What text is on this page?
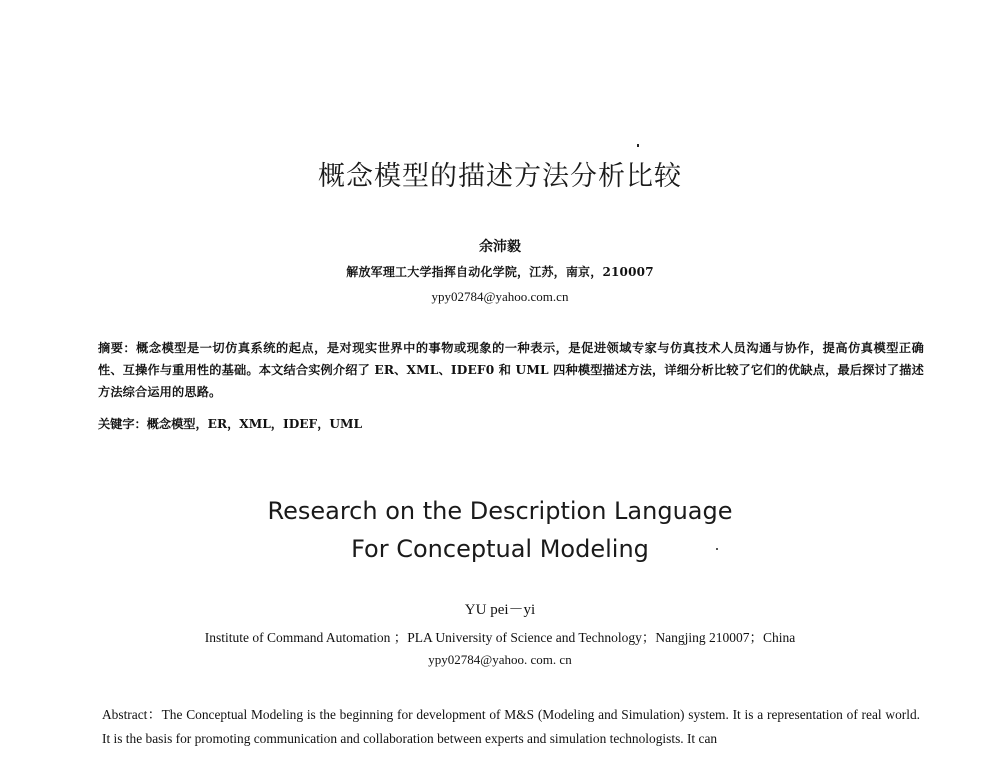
概念模型的描述方法分析比较
余沛毅
解放军理工大学指挥自动化学院，江苏，南京，210007
ypy02784@yahoo.com.cn
摘要：概念模型是一切仿真系统的起点，是对现实世界中的事物或现象的一种表示，是促进领域专家与仿真技术人员沟通与协作，提高仿真模型正确性、互操作与重用性的基础。本文结合实例介绍了 ER、XML、IDEF0 和 UML 四种模型描述方法，详细分析比较了它们的优缺点，最后探讨了描述方法综合运用的思路。
关键字：概念模型，ER，XML，IDEF，UML
Research on the Description Language
For Conceptual Modeling
YU pei－yi
Institute of Command Automation ；PLA University of Science and Technology；Nangjing 210007；China
ypy02784@yahoo. com. cn
Abstract：The Conceptual Modeling is the beginning for development of M&S (Modeling and Simulation) system. It is a representation of real world. It is the basis for promoting communication and collaboration between experts and simulation technologists. It can
